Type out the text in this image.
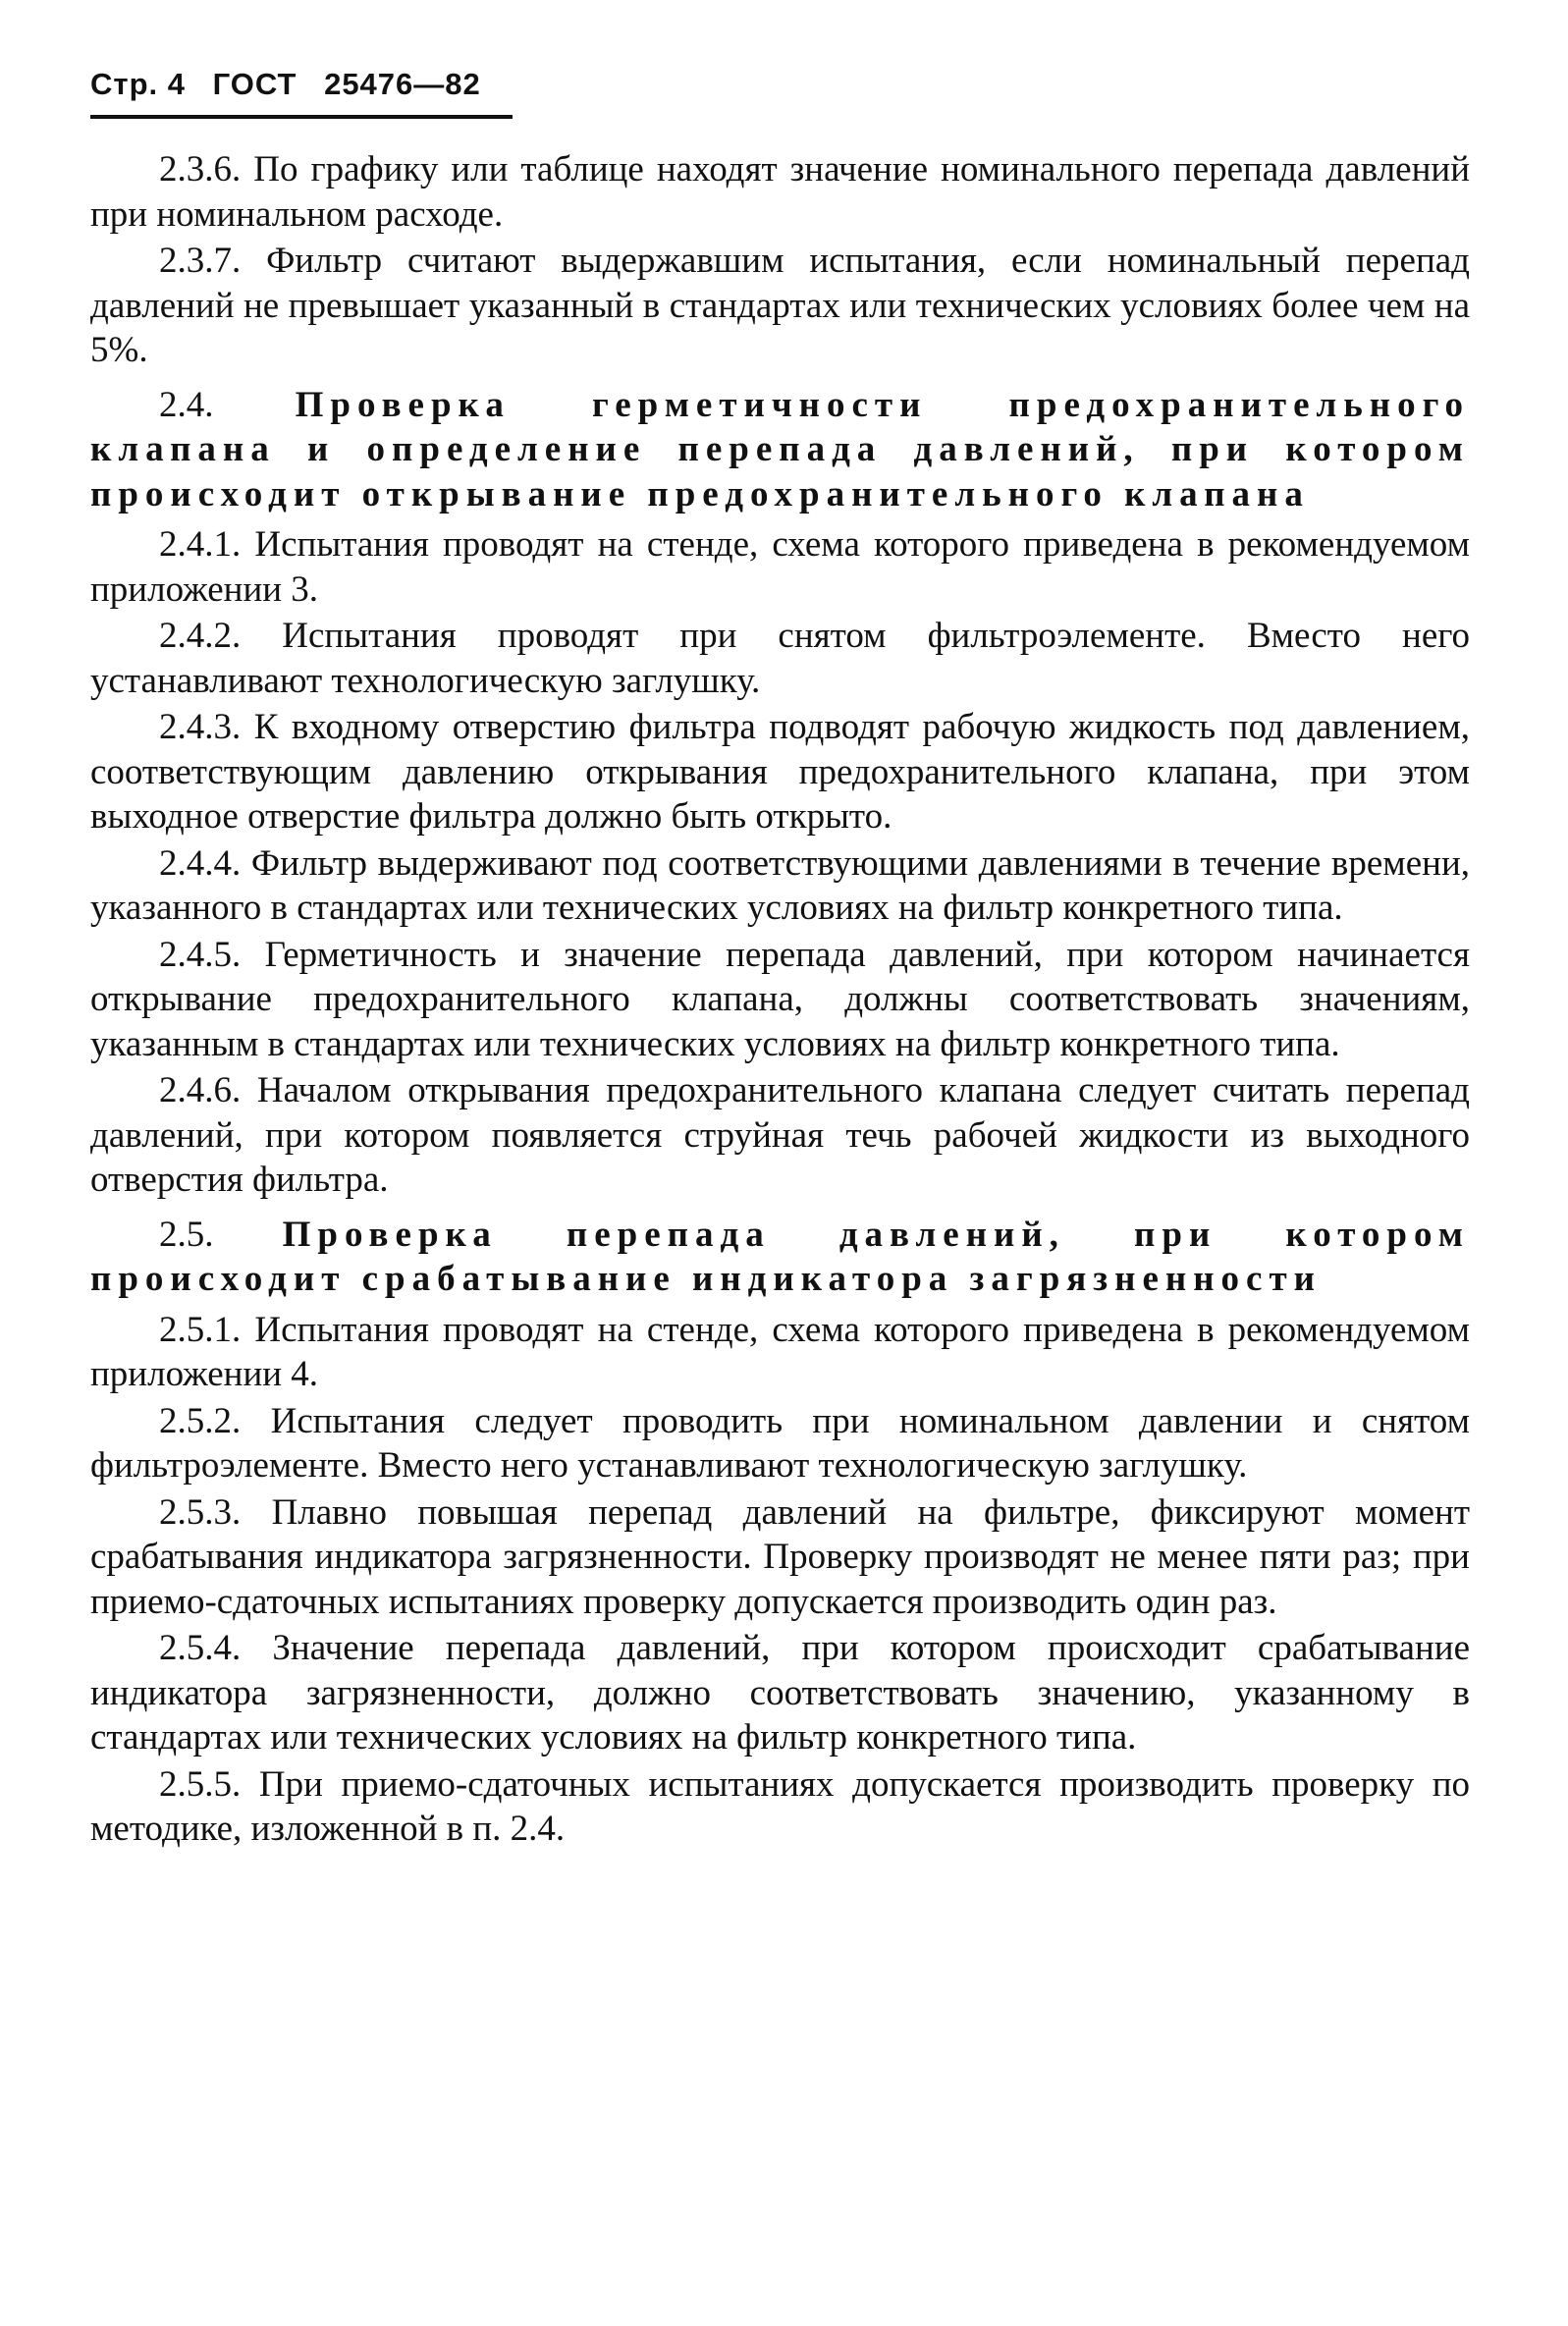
Стр. 4 ГОСТ 25476—82

2.3.6. По графику или таблице находят значение номинального перепада давлений при номинальном расходе.

2.3.7. Фильтр считают выдержавшим испытания, если номинальный перепад давлений не превышает указанный в стандартах или технических условиях более чем на 5%.

2.4. Проверка герметичности предохранительного клапана и определение перепада давлений, при котором происходит открывание предохранительного клапана

2.4.1. Испытания проводят на стенде, схема которого приведена в рекомендуемом приложении 3.

2.4.2. Испытания проводят при снятом фильтроэлементе. Вместо него устанавливают технологическую заглушку.

2.4.3. К входному отверстию фильтра подводят рабочую жидкость под давлением, соответствующим давлению открывания предохранительного клапана, при этом выходное отверстие фильтра должно быть открыто.

2.4.4. Фильтр выдерживают под соответствующими давлениями в течение времени, указанного в стандартах или технических условиях на фильтр конкретного типа.

2.4.5. Герметичность и значение перепада давлений, при котором начинается открывание предохранительного клапана, должны соответствовать значениям, указанным в стандартах или технических условиях на фильтр конкретного типа.

2.4.6. Началом открывания предохранительного клапана следует считать перепад давлений, при котором появляется струйная течь рабочей жидкости из выходного отверстия фильтра.

2.5. Проверка перепада давлений, при котором происходит срабатывание индикатора загрязненности

2.5.1. Испытания проводят на стенде, схема которого приведена в рекомендуемом приложении 4.

2.5.2. Испытания следует проводить при номинальном давлении и снятом фильтроэлементе. Вместо него устанавливают технологическую заглушку.

2.5.3. Плавно повышая перепад давлений на фильтре, фиксируют момент срабатывания индикатора загрязненности. Проверку производят не менее пяти раз; при приемо-сдаточных испытаниях проверку допускается производить один раз.

2.5.4. Значение перепада давлений, при котором происходит срабатывание индикатора загрязненности, должно соответствовать значению, указанному в стандартах или технических условиях на фильтр конкретного типа.

2.5.5. При приемо-сдаточных испытаниях допускается производить проверку по методике, изложенной в п. 2.4.
